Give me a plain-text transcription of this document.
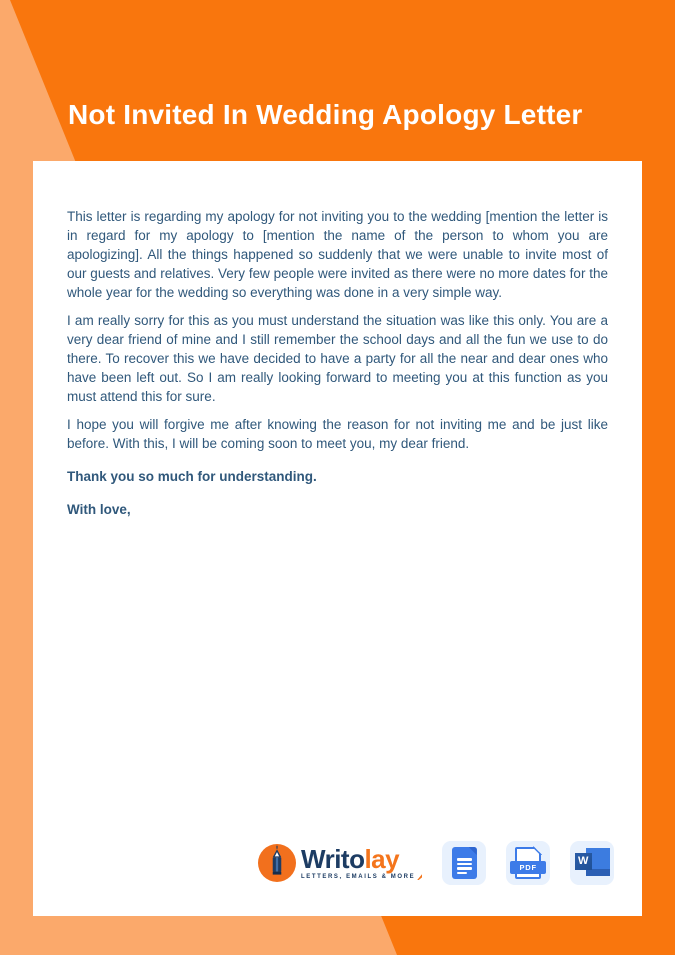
Not Invited In Wedding Apology Letter

This letter is regarding my apology for not inviting you to the wedding [mention the letter is in regard for my apology to [mention the name of the person to whom you are apologizing]. All the things happened so suddenly that we were unable to invite most of our guests and relatives. Very few people were invited as there were no more dates for the whole year for the wedding so everything was done in a very simple way.

I am really sorry for this as you must understand the situation was like this only. You are a very dear friend of mine and I still remember the school days and all the fun we use to do there. To recover this we have decided to have a party for all the near and dear ones who have been left out. So I am really looking forward to meeting you at this function as you must attend this for sure.

I hope you will forgive me after knowing the reason for not inviting me and be just like before. With this, I will be coming soon to meet you, my dear friend.

Thank you so much for understanding.

With love,

Writolay
LETTERS, EMAILS & MORE
PDF
W
